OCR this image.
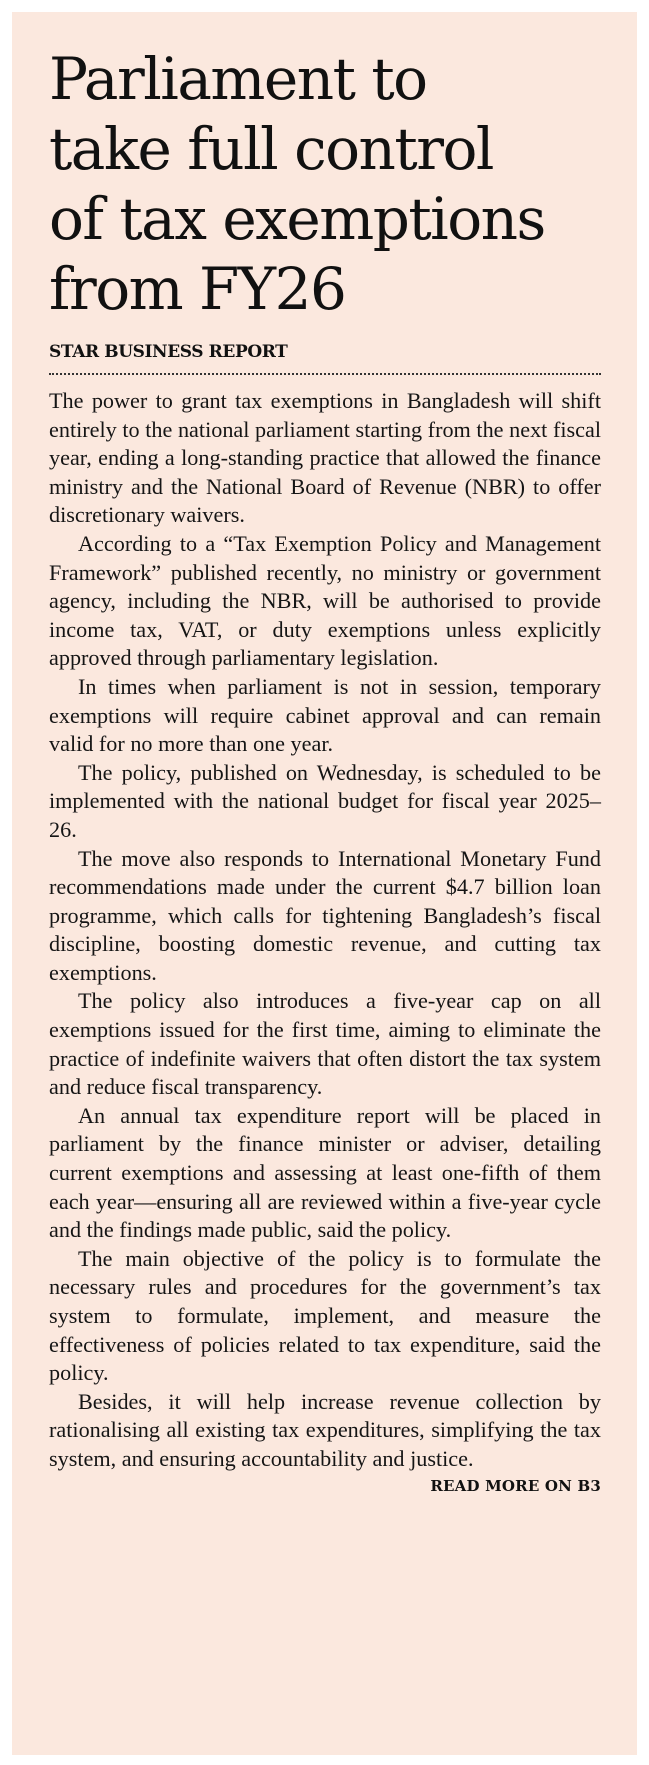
Parliament to
take full control
of tax exemptions
from FY26
STAR BUSINESS REPORT

The power to grant tax exemptions in Bangladesh will shift entirely to the national parliament starting from the next fiscal year, ending a long-standing practice that allowed the finance ministry and the National Board of Revenue (NBR) to offer discretionary waivers.

According to a “Tax Exemption Policy and Management Framework” published recently, no ministry or government agency, including the NBR, will be authorised to provide income tax, VAT, or duty exemptions unless explicitly approved through parliamentary legislation.

In times when parliament is not in session, temporary exemptions will require cabinet approval and can remain valid for no more than one year.

The policy, published on Wednesday, is scheduled to be implemented with the national budget for fiscal year 2025–26.

The move also responds to International Monetary Fund recommendations made under the current $4.7 billion loan programme, which calls for tightening Bangladesh’s fiscal discipline, boosting domestic revenue, and cutting tax exemptions.

The policy also introduces a five-year cap on all exemptions issued for the first time, aiming to eliminate the practice of indefinite waivers that often distort the tax system and reduce fiscal transparency.

An annual tax expenditure report will be placed in parliament by the finance minister or adviser, detailing current exemptions and assessing at least one-fifth of them each year—ensuring all are reviewed within a five-year cycle and the findings made public, said the policy.

The main objective of the policy is to formulate the necessary rules and procedures for the government’s tax system to formulate, implement, and measure the effectiveness of policies related to tax expenditure, said the policy.

Besides, it will help increase revenue collection by rationalising all existing tax expenditures, simplifying the tax system, and ensuring accountability and justice.

READ MORE ON B3
